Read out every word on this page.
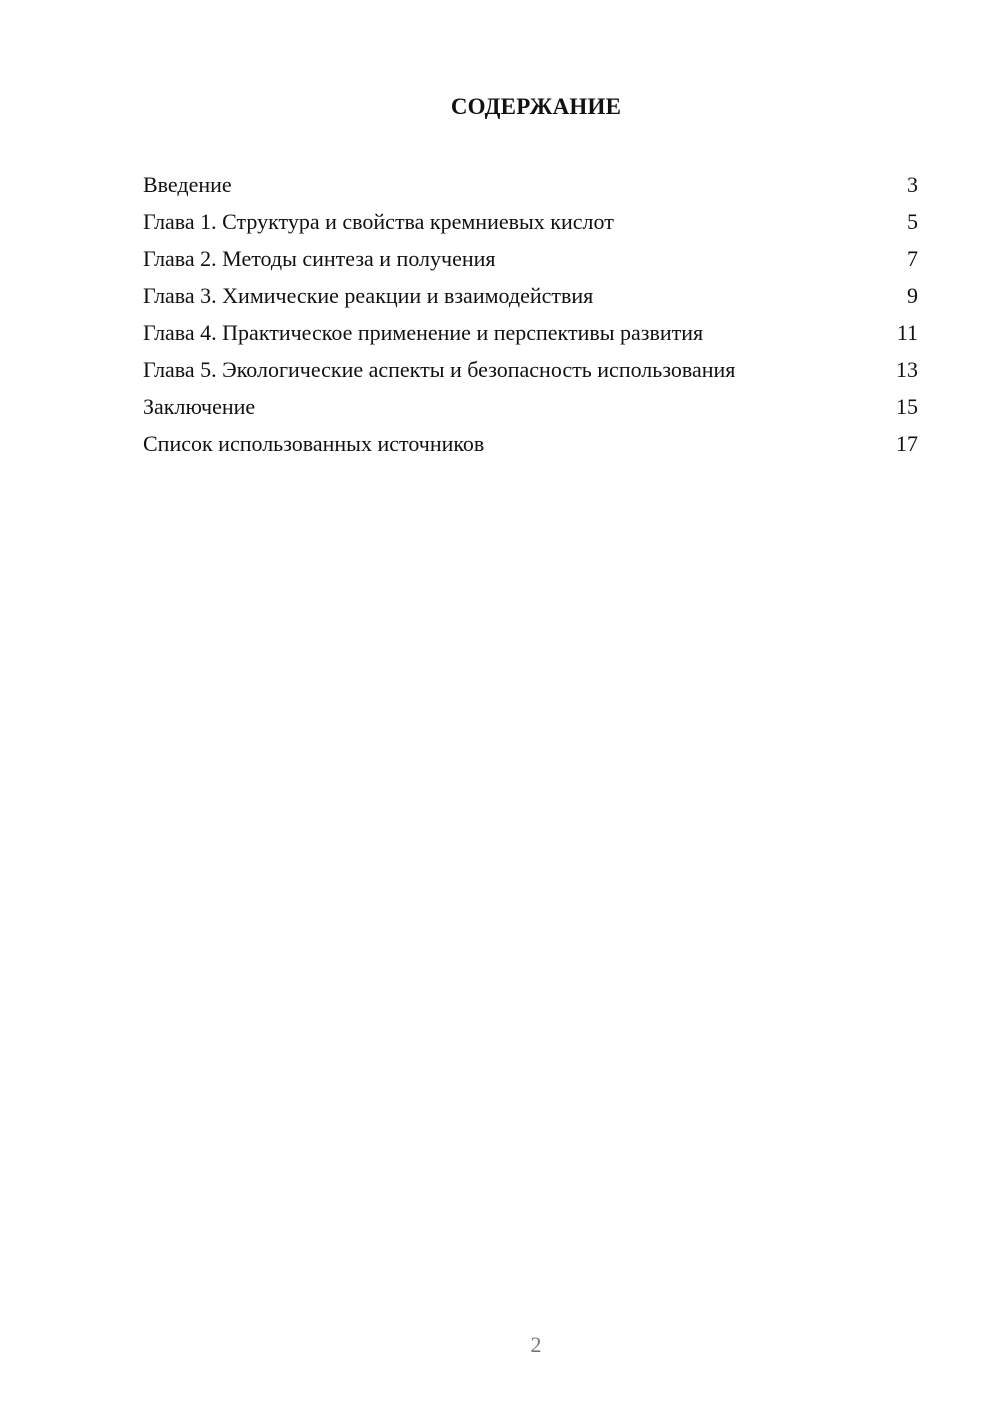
СОДЕРЖАНИЕ
Введение	3
Глава 1. Структура и свойства кремниевых кислот	5
Глава 2. Методы синтеза и получения	7
Глава 3. Химические реакции и взаимодействия	9
Глава 4. Практическое применение и перспективы развития	11
Глава 5. Экологические аспекты и безопасность использования	13
Заключение	15
Список использованных источников	17
2
